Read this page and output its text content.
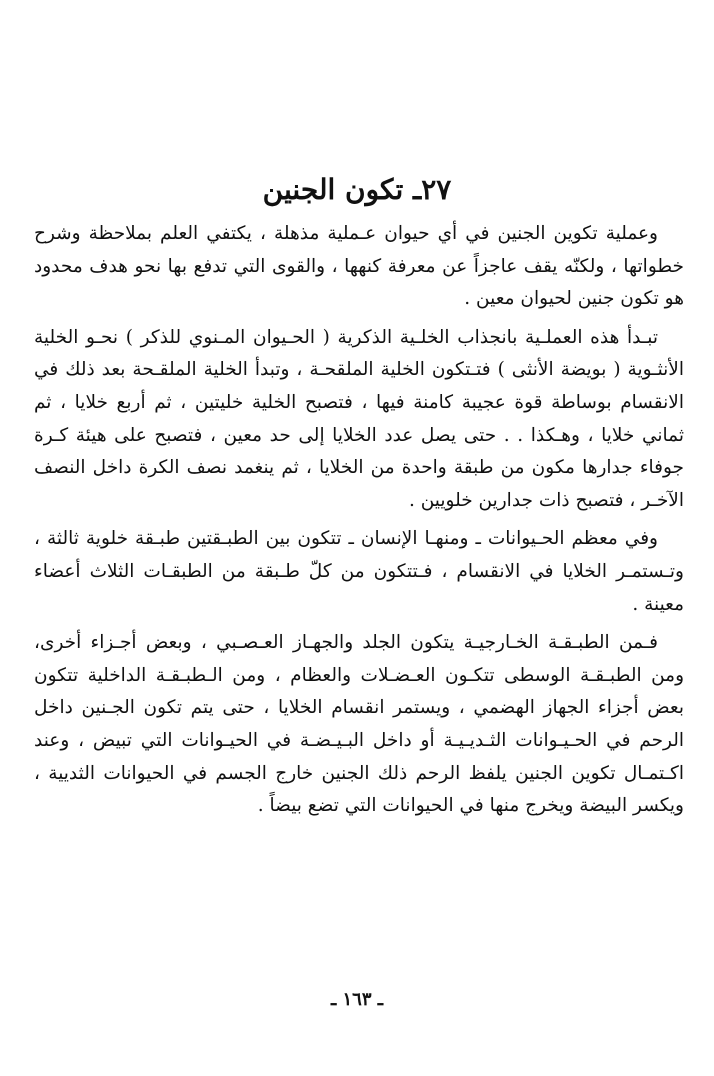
٢٧ـ تكون الجنين

وعملية تكوين الجنين في أي حيوان عـملية مذهلة ، يكتفي العلم بملاحظة وشرح خطواتها ، ولكنّه يقف عاجزاً عن معرفة كنهها ، والقوى التي تدفع بها نحو هدف محدود هو تكون جنين لحيوان معين .

تبـدأ هذه العملـية بانجذاب الخلـية الذكرية ( الحـيوان المـنوي للذكر ) نحـو الخلية الأنثـوية ( بويضة الأنثى ) فتـتكون الخلية الملقحـة ، وتبدأ الخلية الملقـحة بعد ذلك في الانقسام بوساطة قوة عجيبة كامنة فيها ، فتصبح الخلية خليتين ، ثم أربع خلايا ، ثم ثماني خلايا ، وهـكذا . . حتى يصل عدد الخلايا إلى حد معين ، فتصبح على هيئة كـرة جوفاء جدارها مكون من طبقة واحدة من الخلايا ، ثم ينغمد نصف الكرة داخل النصف الآخـر ، فتصبح ذات جدارين خلويين .

وفي معظم الحـيوانات ـ ومنهـا الإنسان ـ تتكون بين الطبـقتين طبـقة خلوية ثالثة ، وتـستمـر الخلايا في الانقسام ، فـتتكون من كلّ طـبقة من الطبقـات الثلاث أعضاء معينة .

فـمن الطبـقـة الخـارجيـة يتكون الجلد والجهـاز العـصـبي ، وبعض أجـزاء أخرى، ومن الطبـقـة الوسطى تتكـون العـضـلات والعظام ، ومن الـطبـقـة الداخلية تتكون بعض أجزاء الجهاز الهضمي ، ويستمر انقسام الخلايا ، حتى يتم تكون الجـنين داخل الرحم في الحـيـوانات الثـديـيـة أو داخل البـيـضـة في الحيـوانات التي تبيض ، وعند اكـتمـال تكوين الجنين يلفظ الرحم ذلك الجنين خارج الجسم في الحيوانات الثديية ، ويكسر البيضة ويخرج منها في الحيوانات التي تضع بيضاً .

ـ ١٦٣ ـ
